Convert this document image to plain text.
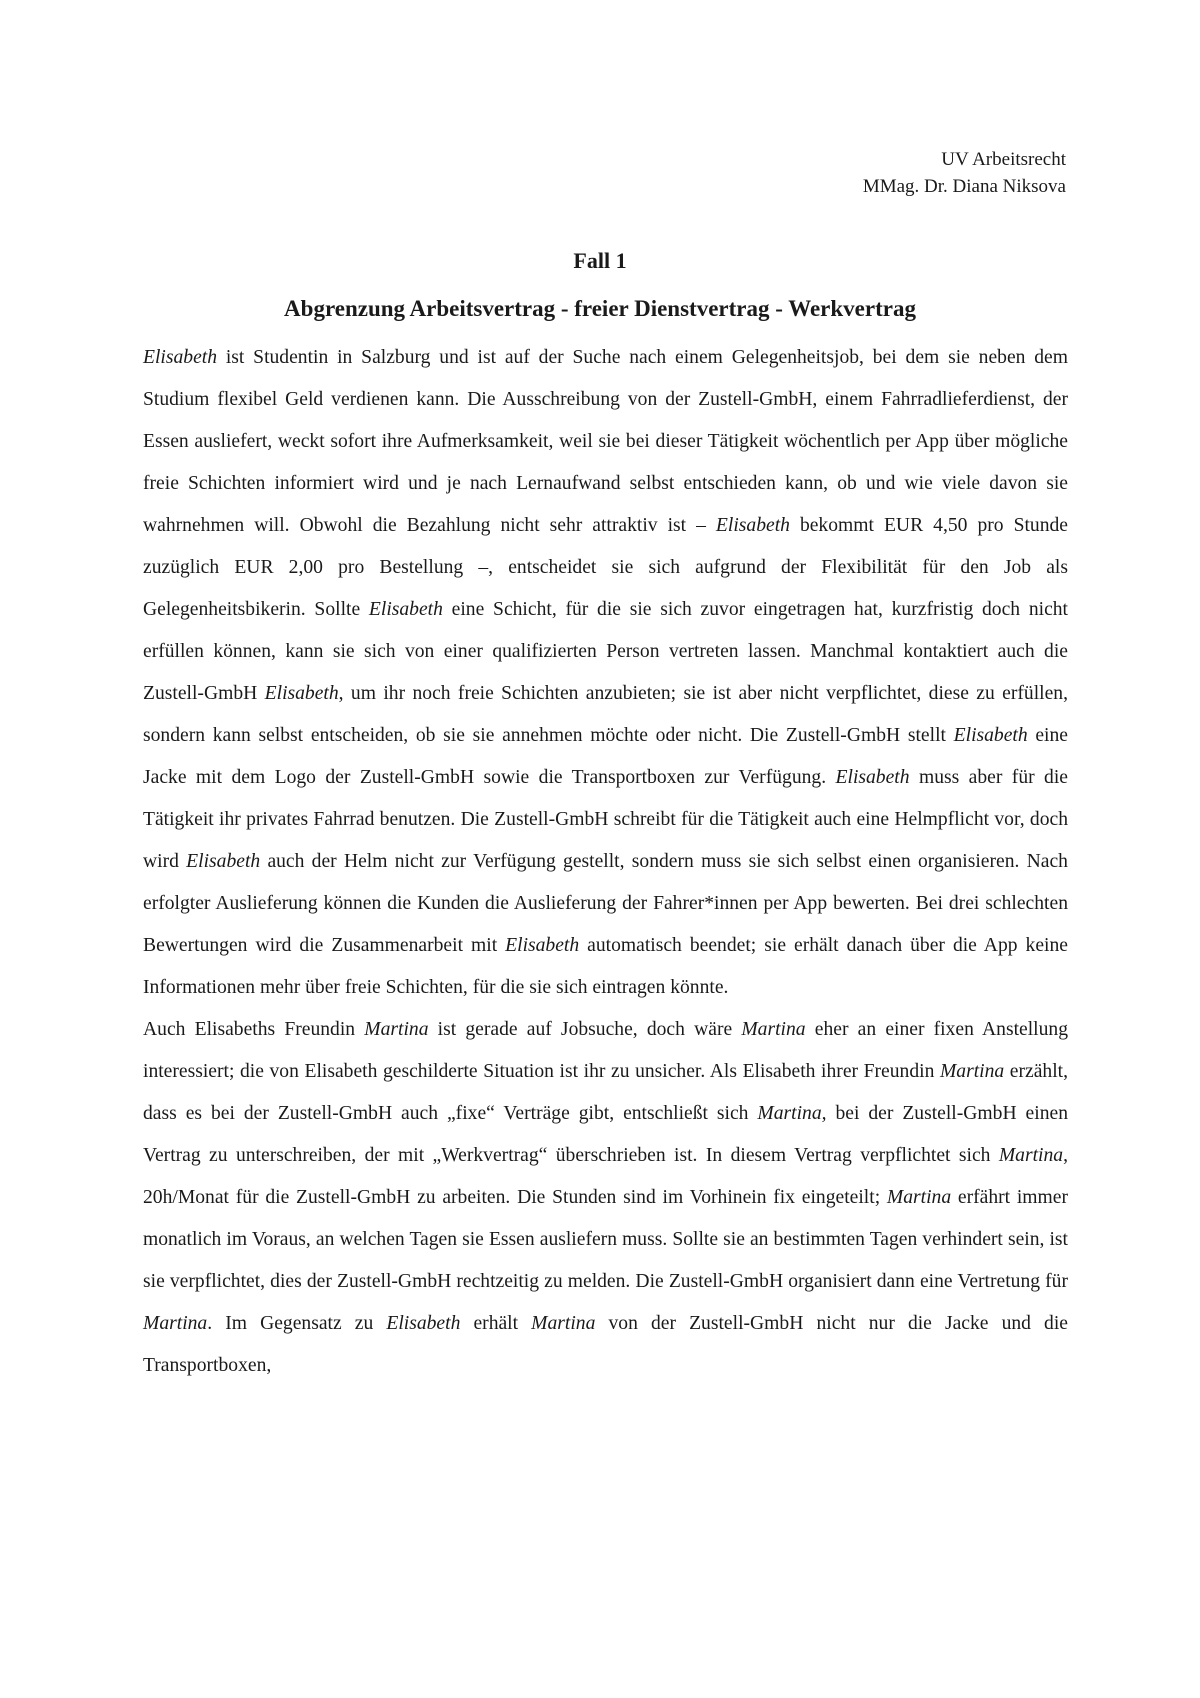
UV Arbeitsrecht
MMag. Dr. Diana Niksova
Fall 1
Abgrenzung Arbeitsvertrag - freier Dienstvertrag - Werkvertrag

Elisabeth ist Studentin in Salzburg und ist auf der Suche nach einem Gelegenheitsjob, bei dem sie neben dem Studium flexibel Geld verdienen kann. Die Ausschreibung von der Zustell-GmbH, einem Fahrradlieferdienst, der Essen ausliefert, weckt sofort ihre Aufmerksamkeit, weil sie bei dieser Tätigkeit wöchentlich per App über mögliche freie Schichten informiert wird und je nach Lernaufwand selbst entschieden kann, ob und wie viele davon sie wahrnehmen will. Obwohl die Bezahlung nicht sehr attraktiv ist – Elisabeth bekommt EUR 4,50 pro Stunde zuzüglich EUR 2,00 pro Bestellung –, entscheidet sie sich aufgrund der Flexibilität für den Job als Gelegenheitsbikerin. Sollte Elisabeth eine Schicht, für die sie sich zuvor eingetragen hat, kurzfristig doch nicht erfüllen können, kann sie sich von einer qualifizierten Person vertreten lassen. Manchmal kontaktiert auch die Zustell-GmbH Elisabeth, um ihr noch freie Schichten anzubieten; sie ist aber nicht verpflichtet, diese zu erfüllen, sondern kann selbst entscheiden, ob sie sie annehmen möchte oder nicht. Die Zustell-GmbH stellt Elisabeth eine Jacke mit dem Logo der Zustell-GmbH sowie die Transportboxen zur Verfügung. Elisabeth muss aber für die Tätigkeit ihr privates Fahrrad benutzen. Die Zustell-GmbH schreibt für die Tätigkeit auch eine Helmpflicht vor, doch wird Elisabeth auch der Helm nicht zur Verfügung gestellt, sondern muss sie sich selbst einen organisieren. Nach erfolgter Auslieferung können die Kunden die Auslieferung der Fahrer*innen per App bewerten. Bei drei schlechten Bewertungen wird die Zusammenarbeit mit Elisabeth automatisch beendet; sie erhält danach über die App keine Informationen mehr über freie Schichten, für die sie sich eintragen könnte.

Auch Elisabeths Freundin Martina ist gerade auf Jobsuche, doch wäre Martina eher an einer fixen Anstellung interessiert; die von Elisabeth geschilderte Situation ist ihr zu unsicher. Als Elisabeth ihrer Freundin Martina erzählt, dass es bei der Zustell-GmbH auch „fixe“ Verträge gibt, entschließt sich Martina, bei der Zustell-GmbH einen Vertrag zu unterschreiben, der mit „Werkvertrag“ überschrieben ist. In diesem Vertrag verpflichtet sich Martina, 20h/Monat für die Zustell-GmbH zu arbeiten. Die Stunden sind im Vorhinein fix eingeteilt; Martina erfährt immer monatlich im Voraus, an welchen Tagen sie Essen ausliefern muss. Sollte sie an bestimmten Tagen verhindert sein, ist sie verpflichtet, dies der Zustell-GmbH rechtzeitig zu melden. Die Zustell-GmbH organisiert dann eine Vertretung für Martina. Im Gegensatz zu Elisabeth erhält Martina von der Zustell-GmbH nicht nur die Jacke und die Transportboxen,
